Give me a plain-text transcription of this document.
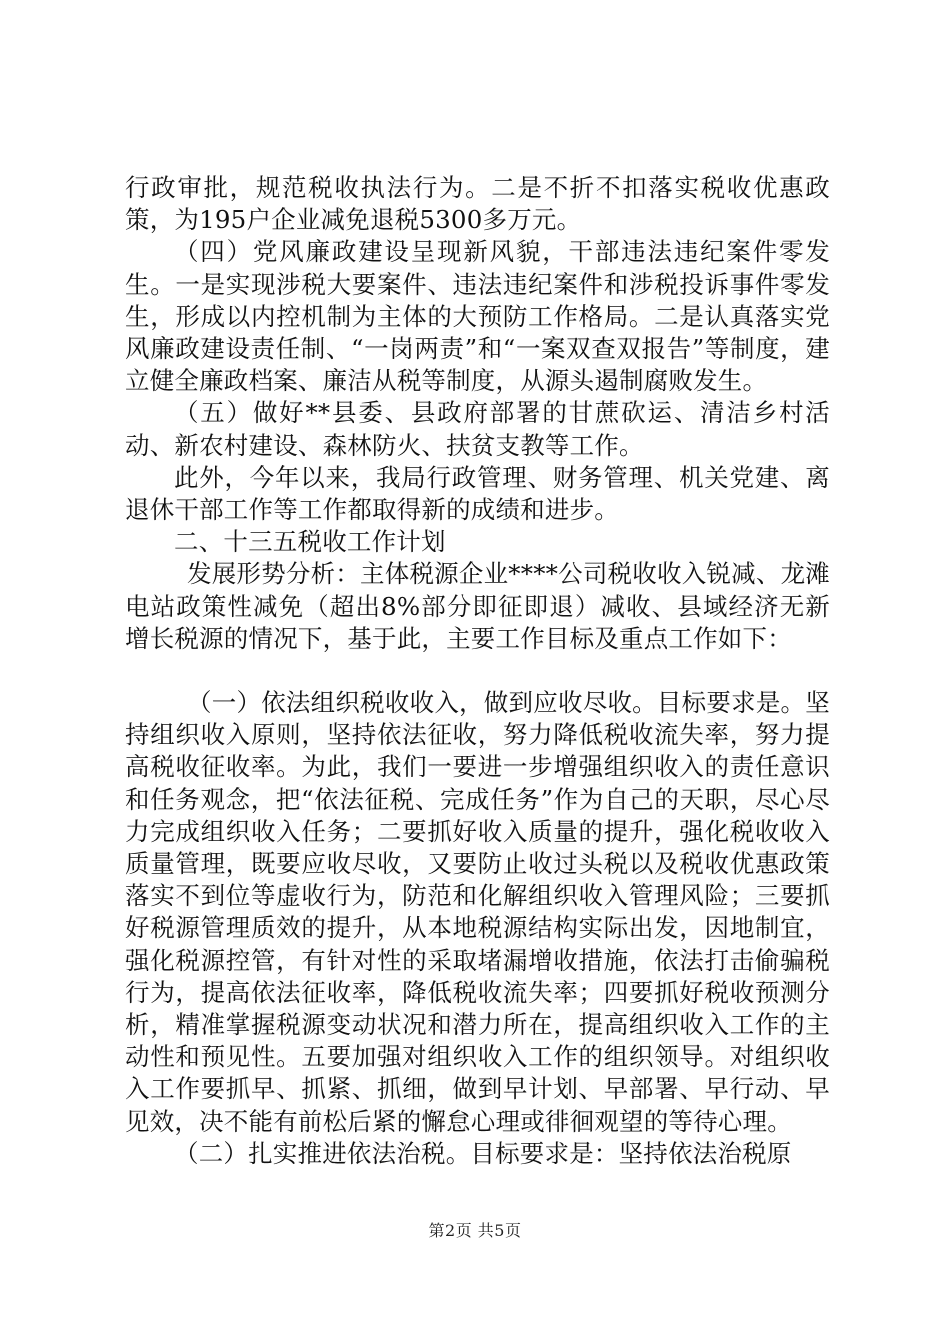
行政审批，规范税收执法行为。二是不折不扣落实税收优惠政策，为195户企业减免退税5300多万元。

（四）党风廉政建设呈现新风貌，干部违法违纪案件零发生。一是实现涉税大要案件、违法违纪案件和涉税投诉事件零发生，形成以内控机制为主体的大预防工作格局。二是认真落实党风廉政建设责任制、“一岗两责”和“一案双查双报告”等制度，建立健全廉政档案、廉洁从税等制度，从源头遏制腐败发生。

（五）做好**县委、县政府部署的甘蔗砍运、清洁乡村活动、新农村建设、森林防火、扶贫支教等工作。

此外，今年以来，我局行政管理、财务管理、机关党建、离退休干部工作等工作都取得新的成绩和进步。

二、十三五税收工作计划

发展形势分析：主体税源企业****公司税收收入锐减、龙滩电站政策性减免（超出8%部分即征即退）减收、县域经济无新增长税源的情况下，基于此，主要工作目标及重点工作如下：

（一）依法组织税收收入，做到应收尽收。目标要求是。坚持组织收入原则，坚持依法征收，努力降低税收流失率，努力提高税收征收率。为此，我们一要进一步增强组织收入的责任意识和任务观念，把“依法征税、完成任务”作为自己的天职，尽心尽力完成组织收入任务；二要抓好收入质量的提升，强化税收收入质量管理，既要应收尽收，又要防止收过头税以及税收优惠政策落实不到位等虚收行为，防范和化解组织收入管理风险；三要抓好税源管理质效的提升，从本地税源结构实际出发，因地制宜，强化税源控管，有针对性的采取堵漏增收措施，依法打击偷骗税行为，提高依法征收率，降低税收流失率；四要抓好税收预测分析，精准掌握税源变动状况和潜力所在，提高组织收入工作的主动性和预见性。五要加强对组织收入工作的组织领导。对组织收入工作要抓早、抓紧、抓细，做到早计划、早部署、早行动、早见效，决不能有前松后紧的懈怠心理或徘徊观望的等待心理。

（二）扎实推进依法治税。目标要求是：坚持依法治税原

第2页 共5页
